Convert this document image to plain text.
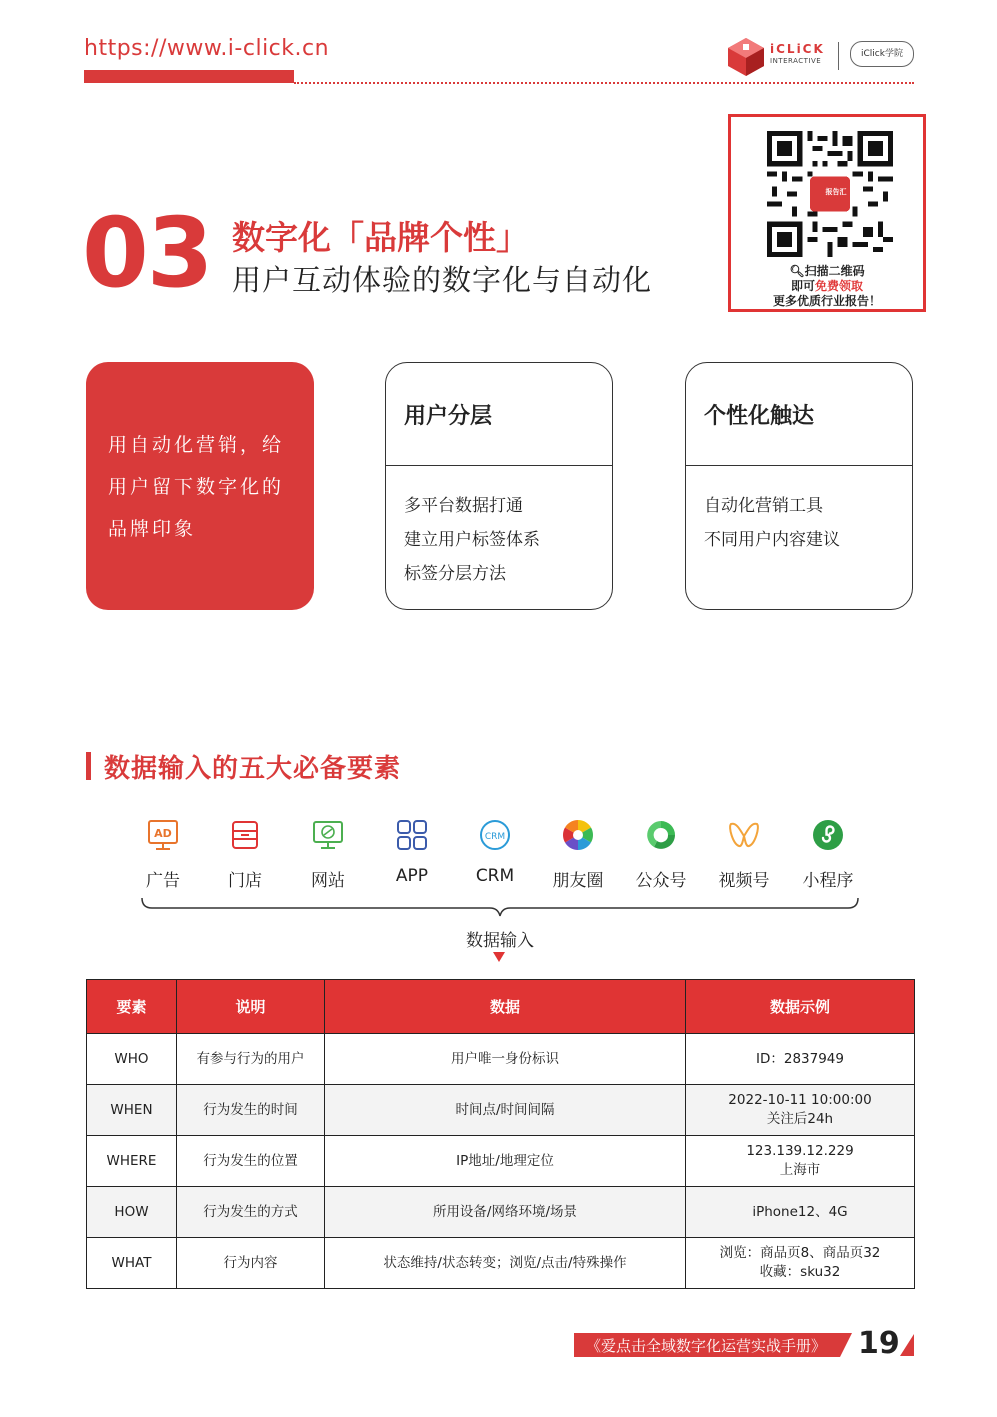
https://www.i-click.cn	iCLiCK
INTERACTIVE
iClick学院
报告汇
🔍︎扫描二维码
即可免费领取
更多优质行业报告！
03 数字化「品牌个性」
用户互动体验的数字化与自动化

用自动化营销，给

用户留下数字化的

品牌印象

用户分层
多平台数据打通
建立用户标签体系
标签分层方法
个性化触达
自动化营销工具
不同用户内容建议
数据输入的五大必备要素
AD
广告	门店	网站	APP
CRM
CRM	朋友圈	公众号	视频号	小程序
数据输入
要素	说明	数据	数据示例
WHO	有参与行为的用户	用户唯一身份标识	ID：2837949

WHEN	行为发生的时间	时间点/时间间隔	2022-10-11 10:00:00
关注后24h

WHERE	行为发生的位置	IP地址/地理定位	123.139.12.229
上海市

HOW	行为发生的方式	所用设备/网络环境/场景	iPhone12、4G

WHAT	行为内容	状态维持/状态转变；浏览/点击/特殊操作	浏览：商品页8、商品页32
收藏：sku32
《爱点击全域数字化运营实战手册》 19
